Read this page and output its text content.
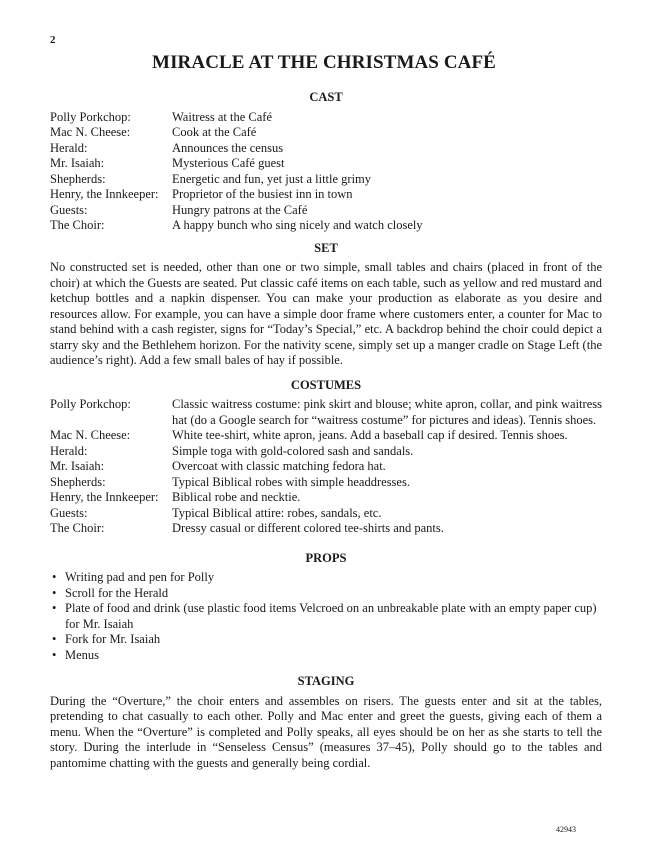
2
MIRACLE AT THE CHRISTMAS CAFÉ
CAST
Polly Porkchop:	Waitress at the Café
Mac N. Cheese:	Cook at the Café
Herald:	Announces the census
Mr. Isaiah:	Mysterious Café guest
Shepherds:	Energetic and fun, yet just a little grimy
Henry, the Innkeeper:	Proprietor of the busiest inn in town
Guests:	Hungry patrons at the Café
The Choir:	A happy bunch who sing nicely and watch closely
SET

No constructed set is needed, other than one or two simple, small tables and chairs (placed in front of the choir) at which the Guests are seated. Put classic café items on each table, such as yellow and red mustard and ketchup bottles and a napkin dispenser. You can make your production as elaborate as you desire and resources allow. For example, you can have a simple door frame where customers enter, a counter for Mac to stand behind with a cash register, signs for “Today’s Special,” etc. A backdrop behind the choir could depict a starry sky and the Bethlehem horizon. For the nativity scene, simply set up a manger cradle on Stage Left (the audience’s right). Add a few small bales of hay if possible.

COSTUMES
Polly Porkchop:	Classic waitress costume: pink skirt and blouse; white apron, collar, and pink waitress hat (do a Google search for “waitress costume” for pictures and ideas). Tennis shoes.
Mac N. Cheese:	White tee-shirt, white apron, jeans. Add a baseball cap if desired. Tennis shoes.
Herald:	Simple toga with gold-colored sash and sandals.
Mr. Isaiah:	Overcoat with classic matching fedora hat.
Shepherds:	Typical Biblical robes with simple headdresses.
Henry, the Innkeeper:	Biblical robe and necktie.
Guests:	Typical Biblical attire: robes, sandals, etc.
The Choir:	Dressy casual or different colored tee-shirts and pants.
PROPS
• Writing pad and pen for Polly
• Scroll for the Herald
• Plate of food and drink (use plastic food items Velcroed on an unbreakable plate with an empty paper cup) for Mr. Isaiah
• Fork for Mr. Isaiah
• Menus
STAGING

During the “Overture,” the choir enters and assembles on risers. The guests enter and sit at the tables, pretending to chat casually to each other. Polly and Mac enter and greet the guests, giving each of them a menu. When the “Overture” is completed and Polly speaks, all eyes should be on her as she starts to tell the story. During the interlude in “Senseless Census” (measures 37–45), Polly should go to the tables and pantomime chatting with the guests and generally being cordial.

42943
